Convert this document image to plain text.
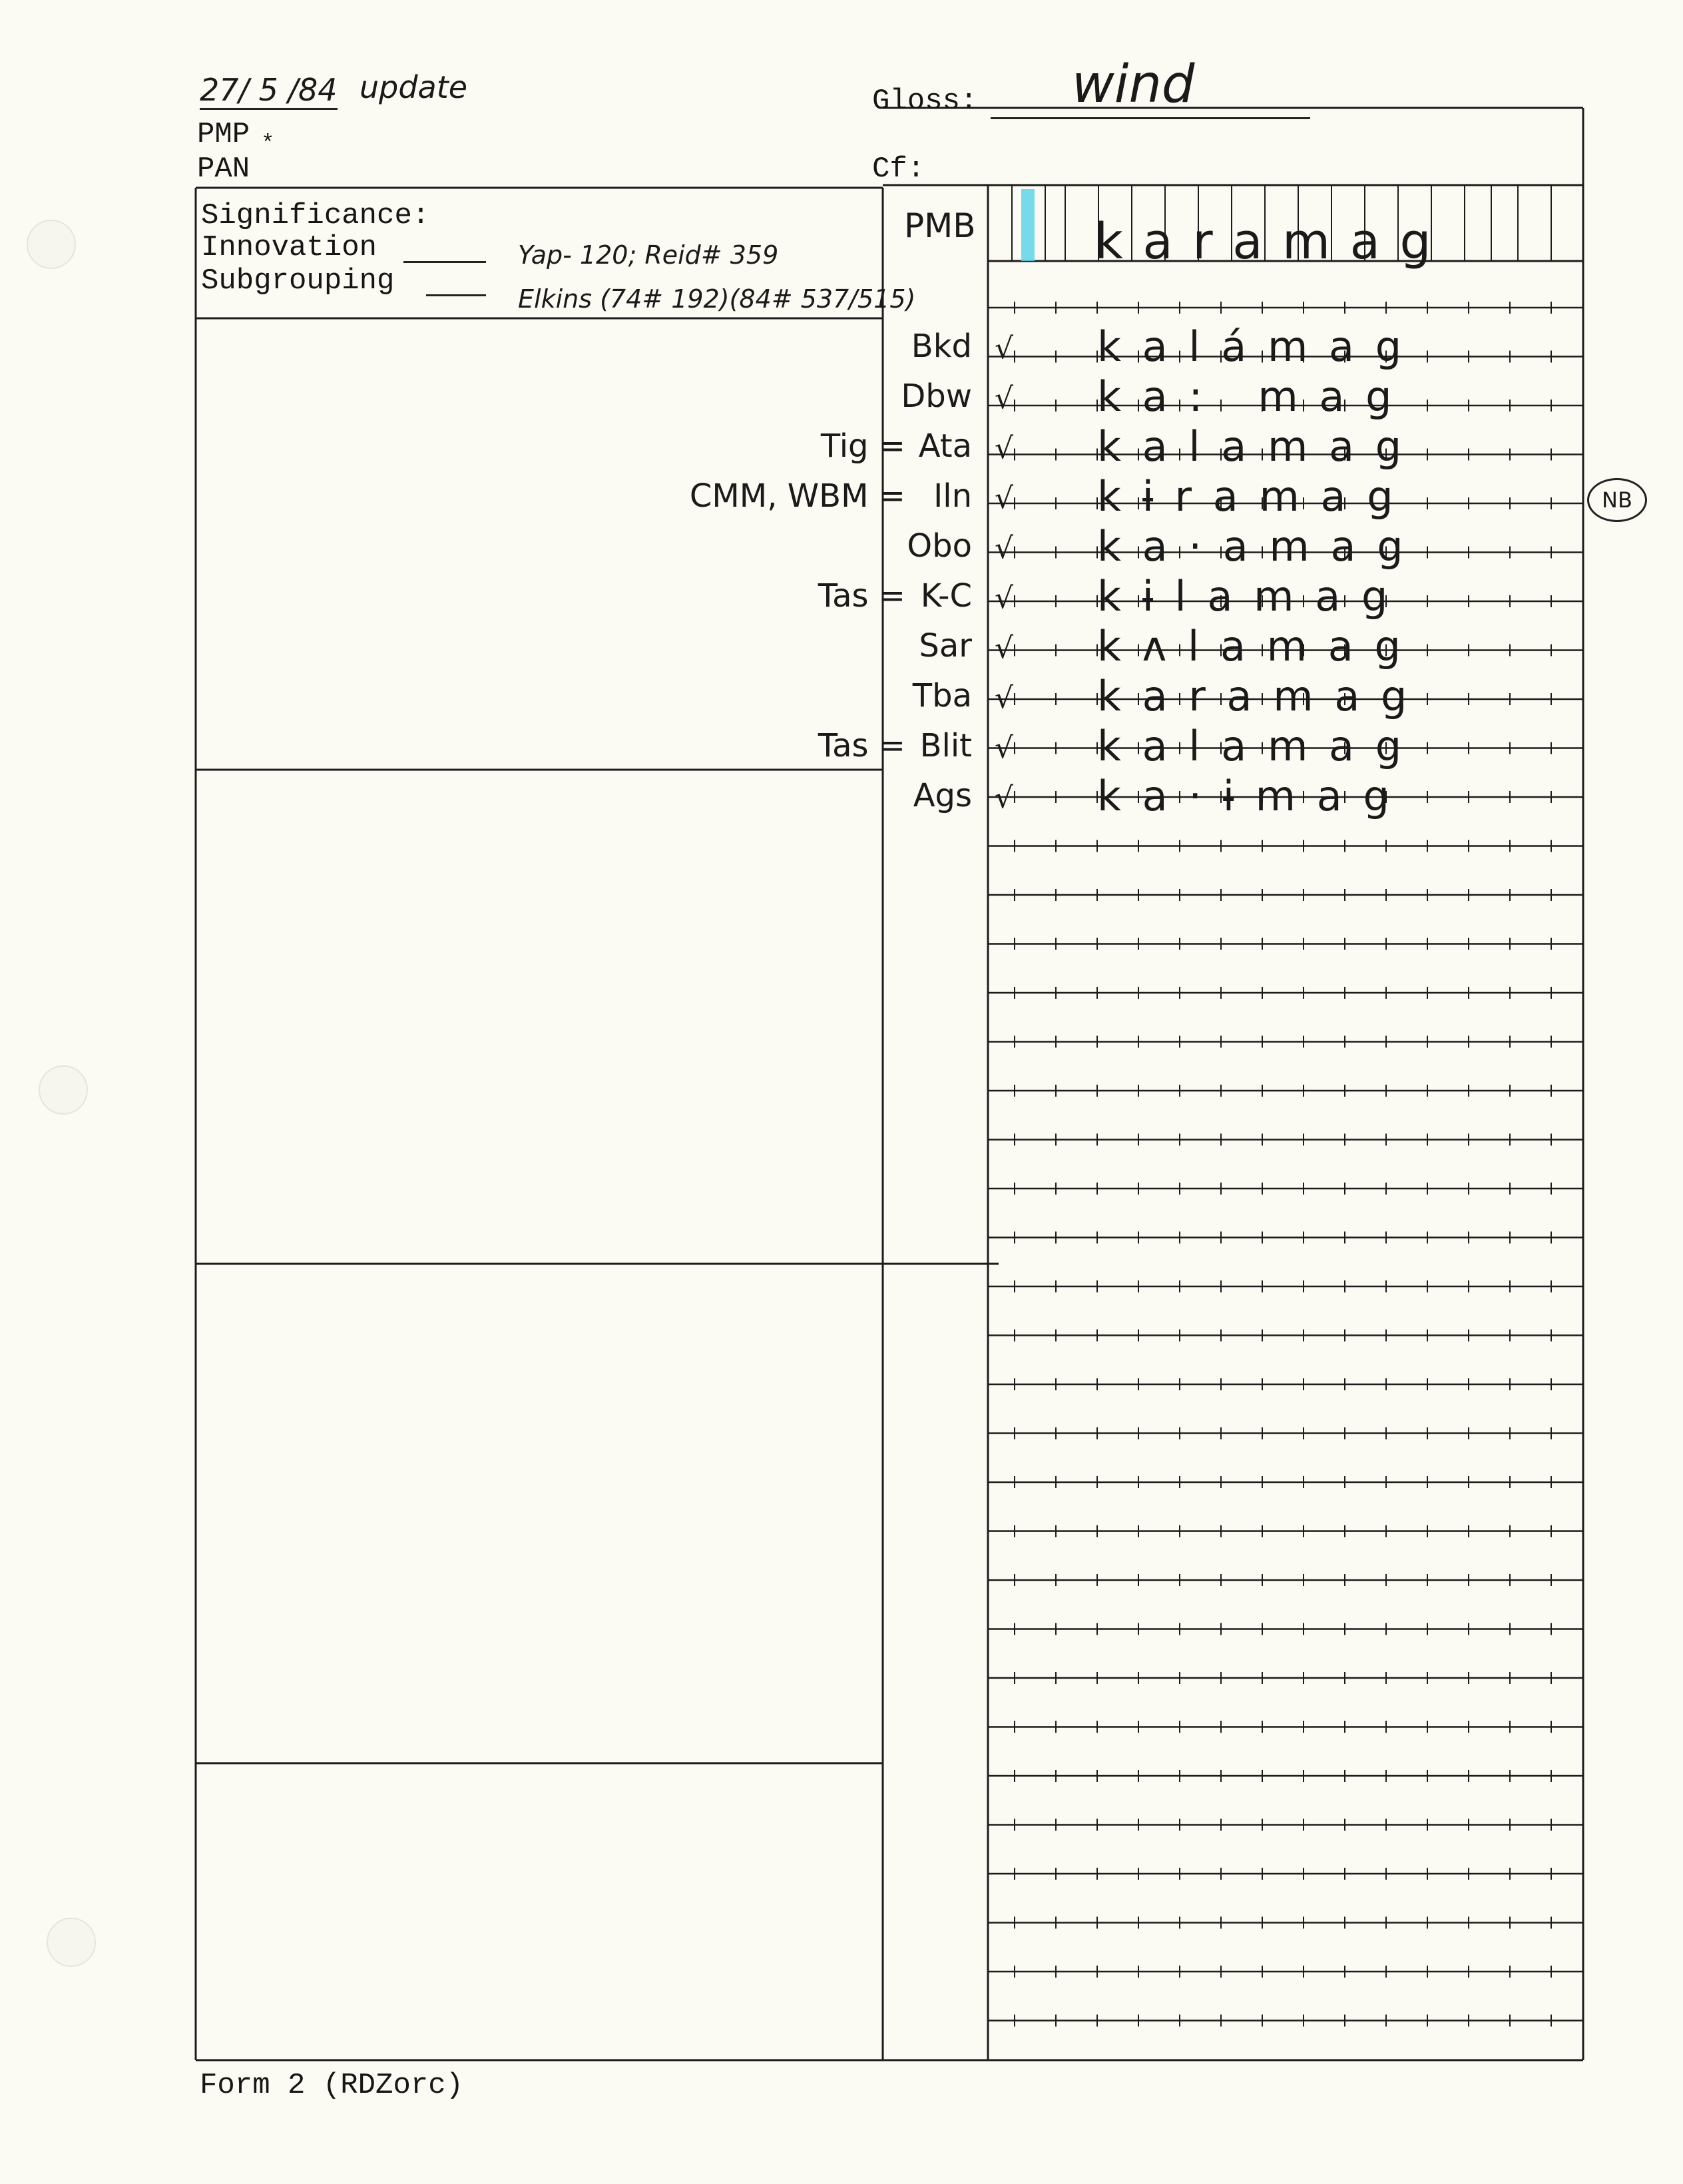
27/ 5 /84 update
PMP *
PAN
Gloss: wind
Cf:
Significance:
Innovation
Subgrouping
Yap- 120; Reid# 359
Elkins (74# 192)(84# 537/515)
PMB k a r a m a g
Bkd √ k a l á m a g
Dbw √ k a :   m a g
Tig = Ata √ k a l a m a g
CMM, WBM = Iln √ k ɨ r a m a g
Obo √ k a · a m a g
Tas = K-C √ k ɨ l a m a g
Sar √ k ʌ l a m a g
Tba √ k a r a m a g
Tas = Blit √ k a l a m a g
Ags √ k a · ɨ m a g
NB
Form 2 (RDZorc)
